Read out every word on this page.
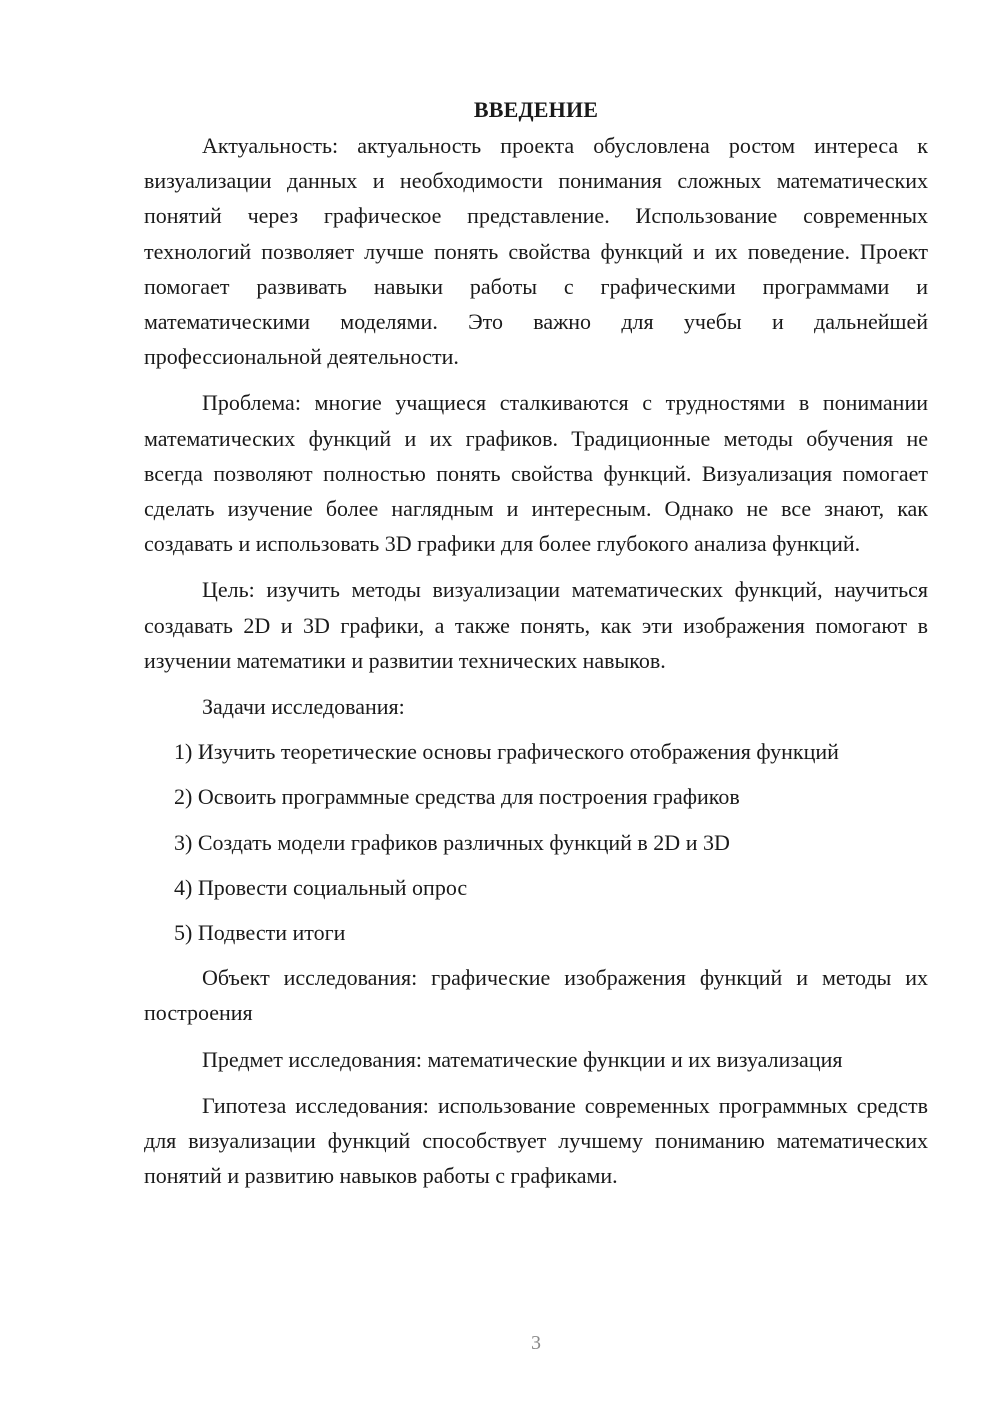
ВВЕДЕНИЕ

Актуальность: актуальность проекта обусловлена ростом интереса к визуализации данных и необходимости понимания сложных математических понятий через графическое представление. Использование современных технологий позволяет лучше понять свойства функций и их поведение. Проект помогает развивать навыки работы с графическими программами и математическими моделями. Это важно для учебы и дальнейшей профессиональной деятельности.

Проблема: многие учащиеся сталкиваются с трудностями в понимании математических функций и их графиков. Традиционные методы обучения не всегда позволяют полностью понять свойства функций. Визуализация помогает сделать изучение более наглядным и интересным. Однако не все знают, как создавать и использовать 3D графики для более глубокого анализа функций.

Цель: изучить методы визуализации математических функций, научиться создавать 2D и 3D графики, а также понять, как эти изображения помогают в изучении математики и развитии технических навыков.

Задачи исследования:

1) Изучить теоретические основы графического отображения функций

2) Освоить программные средства для построения графиков

3) Создать модели графиков различных функций в 2D и 3D

4) Провести социальный опрос

5) Подвести итоги

Объект исследования: графические изображения функций и методы их построения

Предмет исследования: математические функции и их визуализация

Гипотеза исследования: использование современных программных средств для визуализации функций способствует лучшему пониманию математических понятий и развитию навыков работы с графиками.

3
